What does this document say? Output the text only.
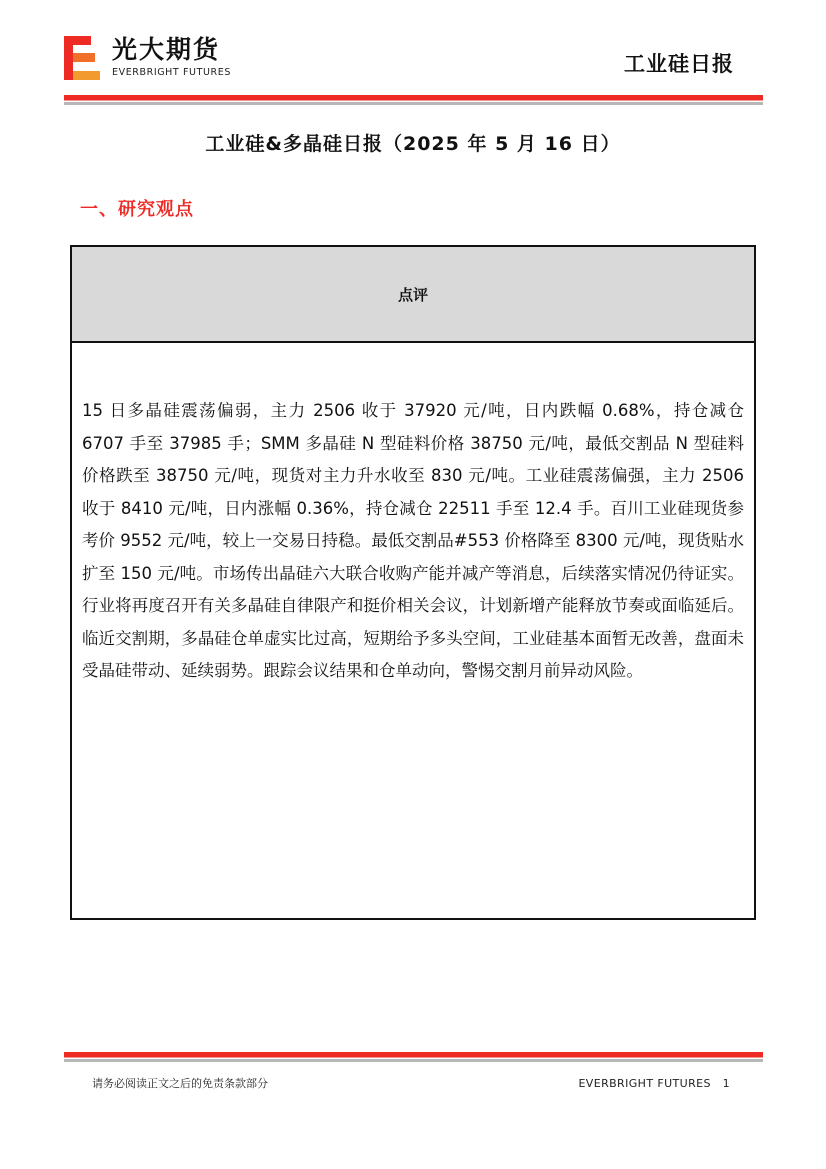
光大期货
EVERBRIGHT FUTURES	工业硅日报
工业硅&多晶硅日报（2025 年 5 月 16 日）
一、研究观点
点评
15 日多晶硅震荡偏弱，主力 2506 收于 37920 元/吨，日内跌幅 0.68%，持仓减仓 6707 手至 37985 手；SMM 多晶硅 N 型硅料价格 38750 元/吨，最低交割品 N 型硅料价格跌至 38750 元/吨，现货对主力升水收至 830 元/吨。工业硅震荡偏强，主力 2506 收于 8410 元/吨，日内涨幅 0.36%，持仓减仓 22511 手至 12.4 手。百川工业硅现货参考价 9552 元/吨，较上一交易日持稳。最低交割品#553 价格降至 8300 元/吨，现货贴水扩至 150 元/吨。市场传出晶硅六大联合收购产能并减产等消息，后续落实情况仍待证实。行业将再度召开有关多晶硅自律限产和挺价相关会议，计划新增产能释放节奏或面临延后。临近交割期，多晶硅仓单虚实比过高，短期给予多头空间，工业硅基本面暂无改善，盘面未受晶硅带动、延续弱势。跟踪会议结果和仓单动向，警惕交割月前异动风险。
请务必阅读正文之后的免责条款部分	EVERBRIGHT FUTURES 1
